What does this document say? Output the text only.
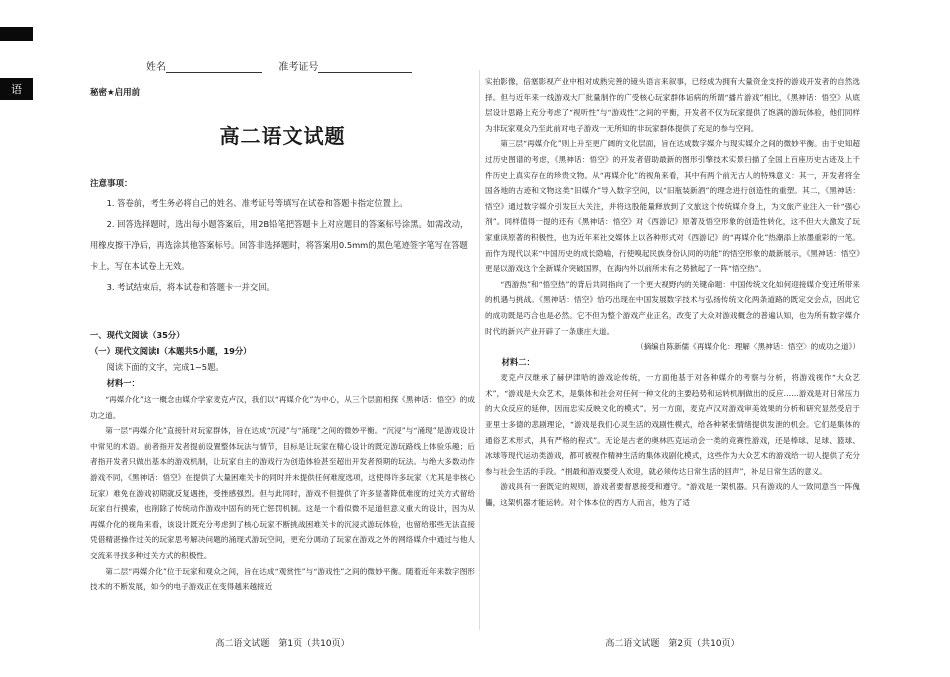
语
姓名	准考证号
秘密★启用前
高二语文试题
注意事项：

1. 答卷前，考生务必将自己的姓名、准考证号等填写在试卷和答题卡指定位置上。

2. 回答选择题时，选出每小题答案后，用2B铅笔把答题卡上对应题目的答案标号涂黑。如需改动，用橡皮擦干净后，再选涂其他答案标号。回答非选择题时，将答案用0.5mm的黑色笔迹签字笔写在答题卡上，写在本试卷上无效。

3. 考试结束后，将本试卷和答题卡一并交回。

一、现代文阅读（35分）

（一）现代文阅读Ⅰ（本题共5小题，19分）

阅读下面的文字，完成1~5题。

材料一：

“再媒介化”这一概念由媒介学家麦克卢汉，我们以“再媒介化”为中心，从三个层面相探《黑神话：悟空》的成功之道。

第一层“再媒介化”直接针对玩家群体，旨在达成“沉浸”与“涌现”之间的微妙平衡。“沉浸”与“涌现”是游戏设计中常见的术语。前者指开发者提前设置整体玩法与情节，目标是让玩家在精心设计的既定游玩路线上体验乐趣；后者指开发者只做出基本的游戏机制，让玩家自主的游戏行为创造体验甚至超出开发者预期的玩法。与绝大多数动作游戏不同，《黑神话：悟空》在提供了大量困难关卡的同时并未提供任何难度选项，这使得许多玩家（尤其是非核心玩家）难免在游戏初期就反复遇挫，受挫感强烈。但与此同时，游戏不但提供了许多显著降低难度的过关方式留给玩家自行摸索，也削除了传统动作游戏中固有的死亡惩罚机制。这是一个看似微不足道但意义重大的设计，因为从再媒介化的视角来看，该设计既充分考虑到了核心玩家不断挑战困难关卡的沉浸式游玩体验，也留给那些无法直接凭借精湛操作过关的玩家思考解决问题的涌现式游玩空间，更充分调动了玩家在游戏之外的网络媒介中通过与他人交流来寻找多种过关方式的积极性。

第二层“再媒介化”位于玩家和观众之间，旨在达成“观赏性”与“游戏性”之间的微妙平衡。随着近年来数字图形技术的不断发展，如今的电子游戏正在变得越来越接近

高二语文试题　第1页（共10页）

实拍影像，倍塞影视产业中相对成熟完善的镜头语言来叙事，已经成为拥有大量资金支持的游戏开发者的自然选择。但与近年来一线游戏大厂批量制作的广受核心玩家群体诟病的所谓“播片游戏”相比，《黑神话：悟空》从底层设计思路上充分考虑了“视听性”与“游戏性”之间的平衡，开发者不仅为玩家提供了饱满的游玩体验，他们同样为非玩家观众乃至此前对电子游戏一无所知的非玩家群体提供了充足的参与空间。

第三层“再媒介化”则上升至更广阔的文化层面，旨在达成数字媒介与现实媒介之间的微妙平衡。由于史知超过历史图谱的考虑，《黑神话：悟空》的开发者借助最新的图形引擎技术实景扫描了全国上百座历史古迹及上千件历史上真实存在的珍贵文物。从“再媒介化”的视角来看，其中有两个前无古人的特殊意义：其一，开发者将全国各地的古迹和文物这类“旧媒介”导入数字空间，以“旧瓶装新酒”的理念进行创造性的重塑。其二，《黑神话：悟空》通过数字媒介引发巨大关注，并将这股能量释放到了文旅这个传统媒介身上，为文旅产业注入一针“强心剂”。同样值得一提的还有《黑神话：悟空》对《西游记》原著及悟空形象的创造性转化，这不但大大激发了玩家重读原著的积极性，也为近年来社交媒体上以各种形式对《西游记》的“再媒介化”热潮添上浓墨重彩的一笔。而作为现代以来“中国历史的成长隐喻，行使嗅起民族身份认同的功能”的悟空形象的最新展示，《黑神话：悟空》更是以游戏这个全新媒介突破国界，在海内外以前所未有之势掀起了一阵“悟空热”。

“西游热”和“悟空热”的背后共同指向了一个更大视野内的关键命题：中国传统文化如何迎接媒介变迁所带来的机遇与挑战。《黑神话：悟空》恰巧出现在中国发展数字技术与弘扬传统文化两条道路的既定交会点，因此它的成功既是巧合也是必然。它不但为整个游戏产业正名，改变了大众对游戏概念的普遍认知，也为所有数字媒介时代的新兴产业开辟了一条康庄大道。

（摘编自陈新儒《再媒介化：理解〈黑神话：悟空〉的成功之道》）

材料二：

麦克卢汉继承了赫伊津哈的游戏论传统，一方面他基于对各种媒介的考察与分析，将游戏视作“大众艺术”，“游戏是大众艺术，是集体和社会对任何一种文化的主要趋势和运转机制做出的反应……游戏是对日常压力的大众反应的延伸，因而忠实反映文化的模式”。另一方面，麦克卢汉对游戏审美效果的分析和研究显然受启于亚里士多德的悲剧理论，“游戏是我们心灵生活的戏剧性模式，给各种紧张情绪提供发泄的机会。它们是集体的通俗艺术形式，具有严格的程式”。无论是古老的奥林匹克运动会一类的竞赛性游戏，还是棒球、足球、篮球、冰球等现代运动类游戏，都可被视作精神生活的集体戏剧化模式，这些作为大众艺术的游戏给一切人提供了充分参与社会生活的手段。“捐最和游戏要受人欢迎，就必须传达日常生活的回声”，补足日常生活的意义。

游戏具有一套既定的规则，游戏者要督恩接受和遵守。“游戏是一架机器。只有游戏的人一致同意当一阵傀儡，这架机器才能运转。对个体本位的西方人而言，他为了适

高二语文试题　第2页（共10页）
